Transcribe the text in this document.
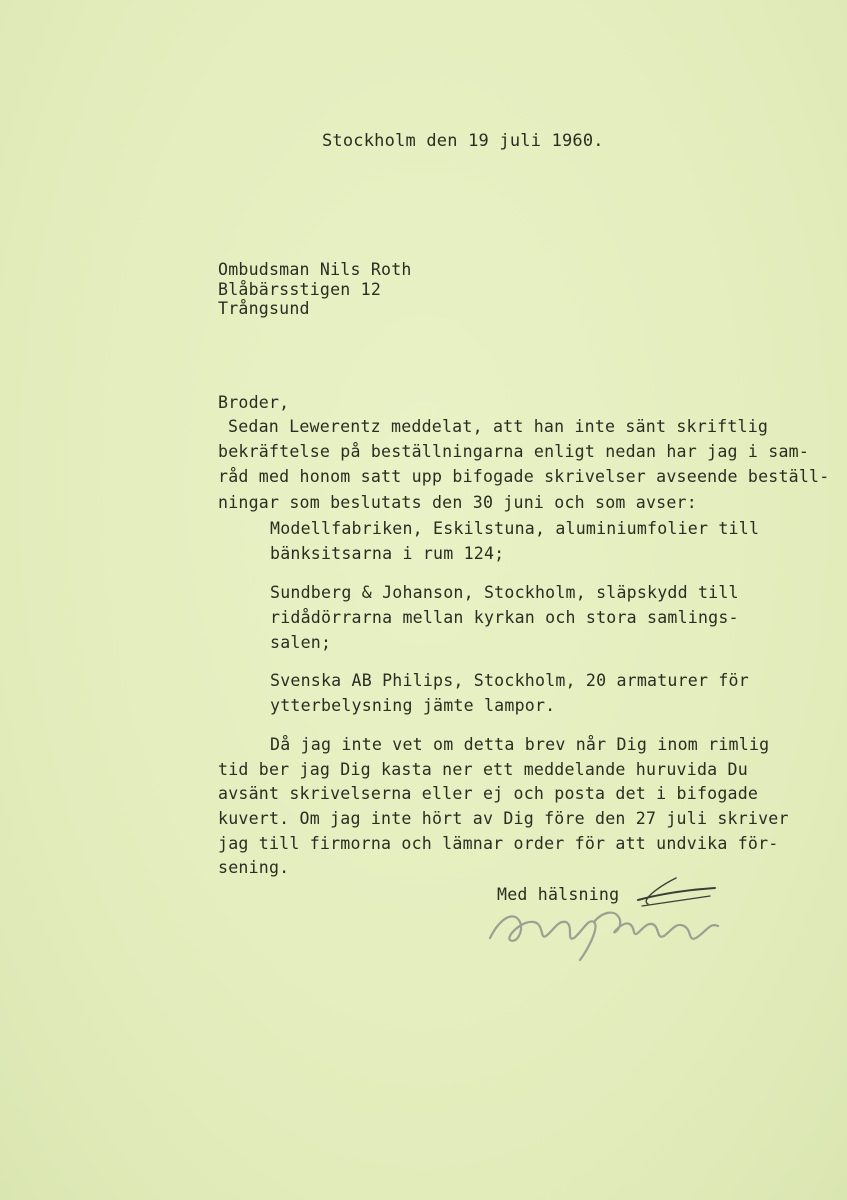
Stockholm den 19 juli 1960.
Ombudsman Nils Roth
Blåbärsstigen 12
Trångsund
Broder,
Sedan Lewerentz meddelat, att han inte sänt skriftlig
bekräftelse på beställningarna enligt nedan har jag i sam-
råd med honom satt upp bifogade skrivelser avseende beställ-
ningar som beslutats den 30 juni och som avser:
Modellfabriken, Eskilstuna, aluminiumfolier till
bänksitsarna i rum 124;
Sundberg & Johanson, Stockholm, släpskydd till
ridådörrarna mellan kyrkan och stora samlings-
salen;
Svenska AB Philips, Stockholm, 20 armaturer för
ytterbelysning jämte lampor.
Då jag inte vet om detta brev når Dig inom rimlig
tid ber jag Dig kasta ner ett meddelande huruvida Du
avsänt skrivelserna eller ej och posta det i bifogade
kuvert. Om jag inte hört av Dig före den 27 juli skriver
jag till firmorna och lämnar order för att undvika för-
sening.
Med hälsning
